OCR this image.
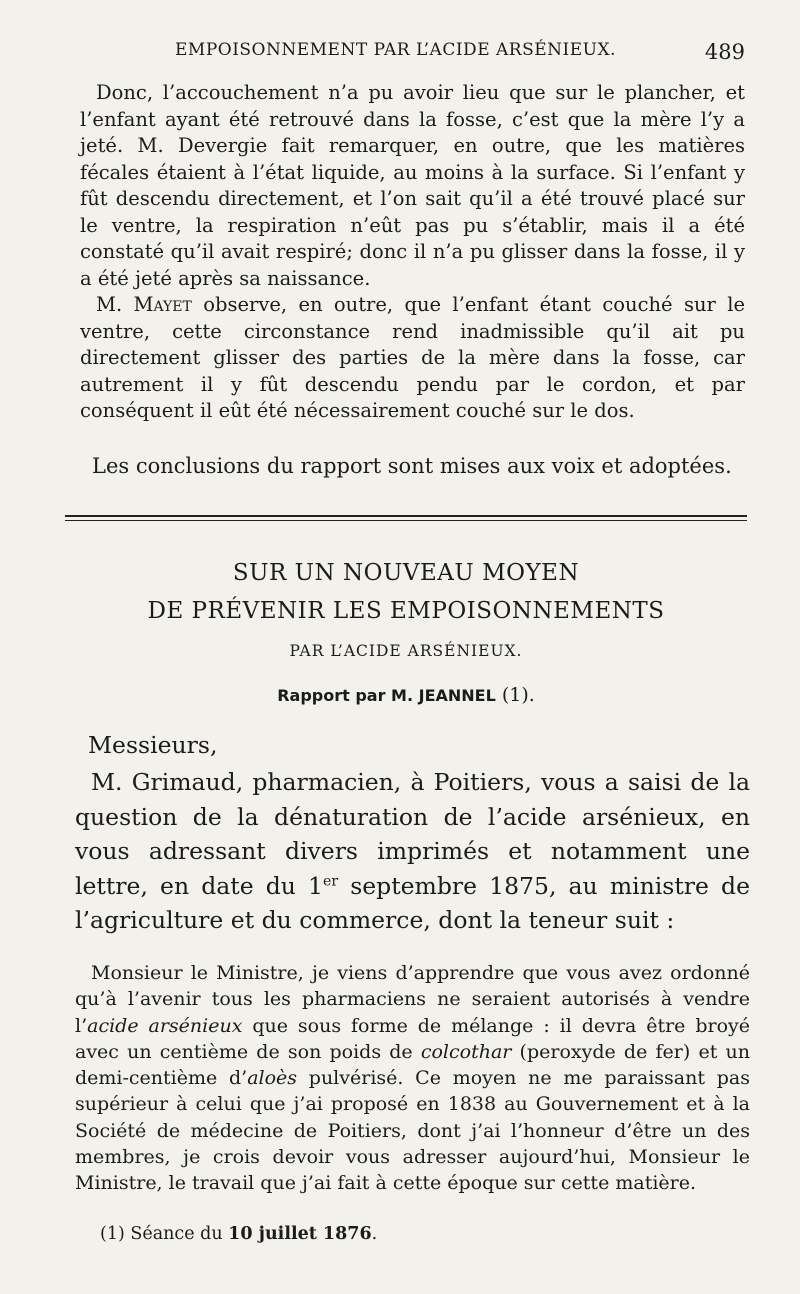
EMPOISONNEMENT PAR L’ACIDE ARSÉNIEUX.	489

Donc, l’accouchement n’a pu avoir lieu que sur le plancher, et l’enfant ayant été retrouvé dans la fosse, c’est que la mère l’y a jeté. M. Devergie fait remarquer, en outre, que les matières fécales étaient à l’état liquide, au moins à la surface. Si l’enfant y fût descendu directement, et l’on sait qu’il a été trouvé placé sur le ventre, la respiration n’eût pas pu s’établir, mais il a été constaté qu’il avait respiré; donc il n’a pu glisser dans la fosse, il y a été jeté après sa naissance.

M. Mayet observe, en outre, que l’enfant étant couché sur le ventre, cette circonstance rend inadmissible qu’il ait pu directement glisser des parties de la mère dans la fosse, car autrement il y fût descendu pendu par le cordon, et par conséquent il eût été nécessairement couché sur le dos.

Les conclusions du rapport sont mises aux voix et adoptées.
SUR UN NOUVEAU MOYEN
DE PRÉVENIR LES EMPOISONNEMENTS
PAR L’ACIDE ARSÉNIEUX.
Rapport par M. JEANNEL (1).
Messieurs,

M. Grimaud, pharmacien, à Poitiers, vous a saisi de la question de la dénaturation de l’acide arsénieux, en vous adressant divers imprimés et notamment une lettre, en date du 1er septembre 1875, au ministre de l’agriculture et du commerce, dont la teneur suit :

Monsieur le Ministre, je viens d’apprendre que vous avez ordonné qu’à l’avenir tous les pharmaciens ne seraient autorisés à vendre l’acide arsénieux que sous forme de mélange : il devra être broyé avec un centième de son poids de colcothar (peroxyde de fer) et un demi-centième d’aloès pulvérisé. Ce moyen ne me paraissant pas supérieur à celui que j’ai proposé en 1838 au Gouvernement et à la Société de médecine de Poitiers, dont j’ai l’honneur d’être un des membres, je crois devoir vous adresser aujourd’hui, Monsieur le Ministre, le travail que j’ai fait à cette époque sur cette matière.

(1) Séance du 10 juillet 1876.
